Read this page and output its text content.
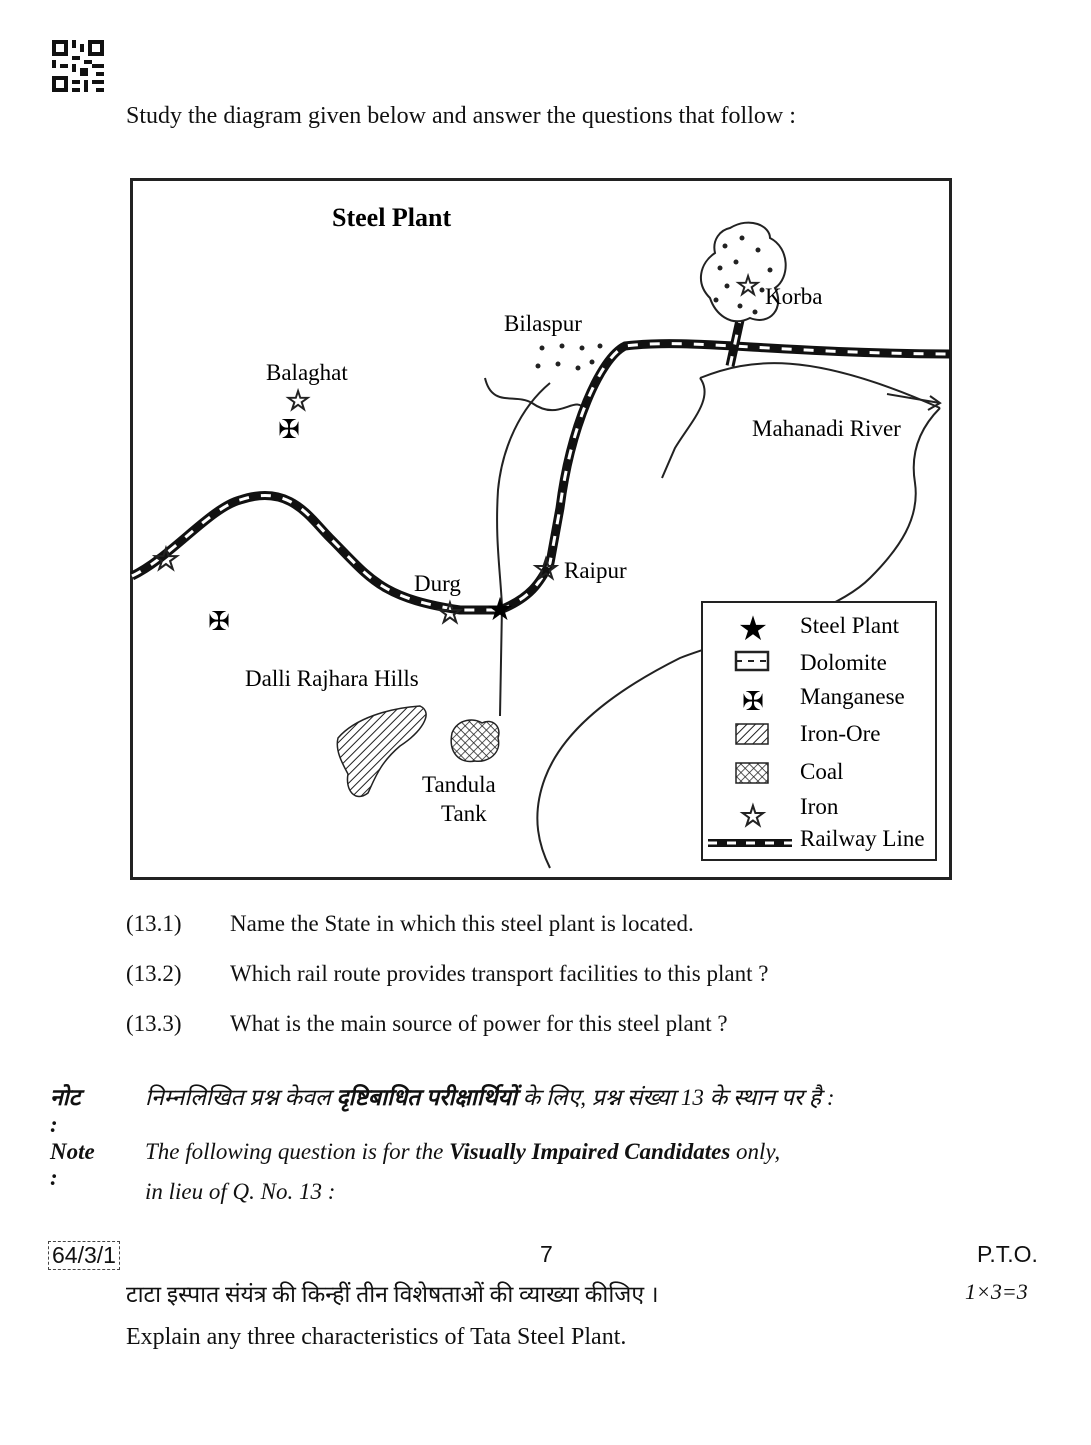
Study the diagram given below and answer the questions that follow :
Steel Plant
☆ Korba
Bilaspur
Balaghat
☆
✠	Mahanadi River
☆
✠
Durg
☆ ★
☆ Raipur
Dalli Rajhara Hills
Tandula
Tank
★ Steel Plant
Dolomite
✠ Manganese
Iron-Ore
Coal
☆ Iron
Railway Line
(13.1) Name the State in which this steel plant is located.
(13.2) Which rail route provides transport facilities to this plant ?
(13.3) What is the main source of power for this steel plant ?
नोट :
निम्नलिखित प्रश्न केवल दृष्टिबाधित परीक्षार्थियों के लिए, प्रश्न संख्या 13 के स्थान पर है :
Note :
The following question is for the Visually Impaired Candidates only,
in lieu of Q. No. 13 :
टाटा इस्पात संयंत्र की किन्हीं तीन विशेषताओं की व्याख्या कीजिए ।	1×3=3
Explain any three characteristics of Tata Steel Plant.
64/3/1	7	P.T.O.
